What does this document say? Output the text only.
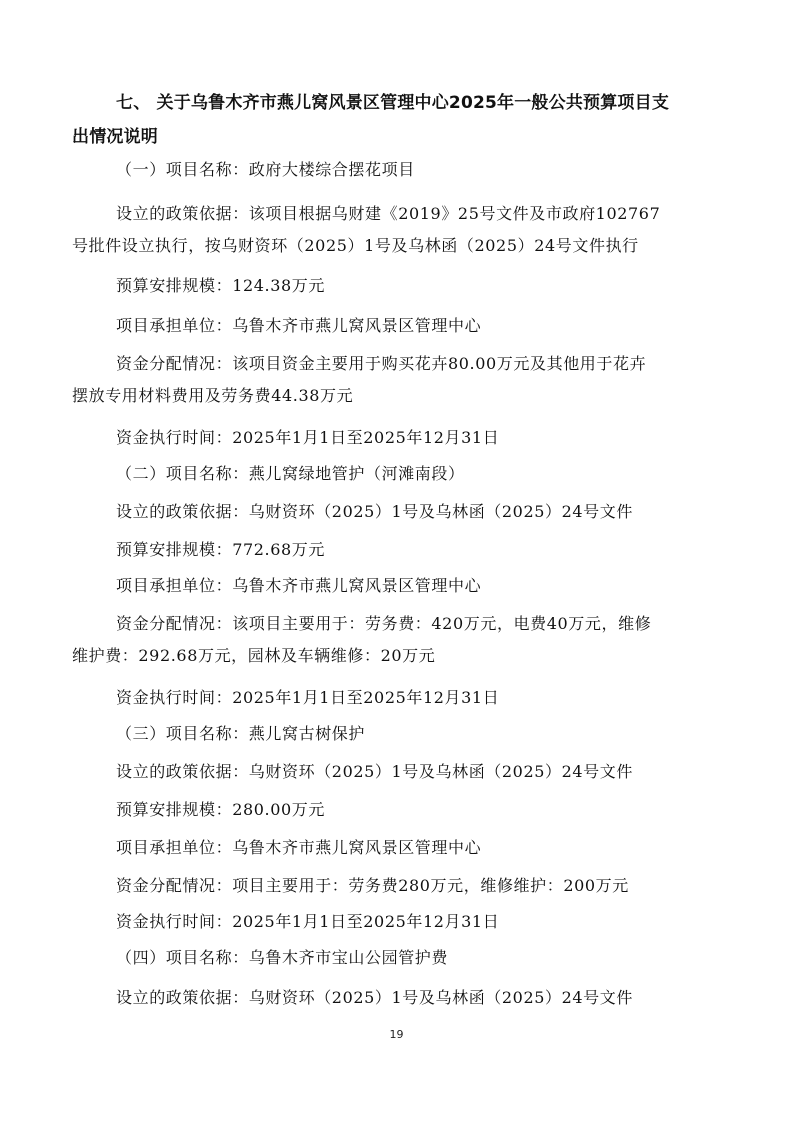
七、 关于乌鲁木齐市燕儿窝风景区管理中心2025年一般公共预算项目支
出情况说明
（一）项目名称：政府大楼综合摆花项目
设立的政策依据：该项目根据乌财建《2019》25号文件及市政府102767
号批件设立执行，按乌财资环（2025）1号及乌林函（2025）24号文件执行
预算安排规模：124.38万元
项目承担单位：乌鲁木齐市燕儿窝风景区管理中心
资金分配情况：该项目资金主要用于购买花卉80.00万元及其他用于花卉
摆放专用材料费用及劳务费44.38万元
资金执行时间：2025年1月1日至2025年12月31日
（二）项目名称：燕儿窝绿地管护（河滩南段）
设立的政策依据：乌财资环（2025）1号及乌林函（2025）24号文件
预算安排规模：772.68万元
项目承担单位：乌鲁木齐市燕儿窝风景区管理中心
资金分配情况：该项目主要用于：劳务费：420万元，电费40万元，维修
维护费：292.68万元，园林及车辆维修：20万元
资金执行时间：2025年1月1日至2025年12月31日
（三）项目名称：燕儿窝古树保护
设立的政策依据：乌财资环（2025）1号及乌林函（2025）24号文件
预算安排规模：280.00万元
项目承担单位：乌鲁木齐市燕儿窝风景区管理中心
资金分配情况：项目主要用于：劳务费280万元，维修维护：200万元
资金执行时间：2025年1月1日至2025年12月31日
（四）项目名称：乌鲁木齐市宝山公园管护费
设立的政策依据：乌财资环（2025）1号及乌林函（2025）24号文件
19
